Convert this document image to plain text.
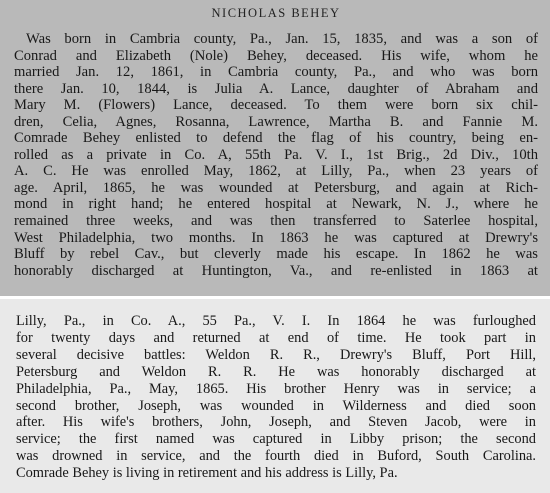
NICHOLAS BEHEY
Was born in Cambria county, Pa., Jan. 15, 1835, and was a son of
Conrad and Elizabeth (Nole) Behey, deceased. His wife, whom he
married Jan. 12, 1861, in Cambria county, Pa., and who was born
there Jan. 10, 1844, is Julia A. Lance, daughter of Abraham and
Mary M. (Flowers) Lance, deceased. To them were born six chil-
dren, Celia, Agnes, Rosanna, Lawrence, Martha B. and Fannie M.
Comrade Behey enlisted to defend the flag of his country, being en-
rolled as a private in Co. A, 55th Pa. V. I., 1st Brig., 2d Div., 10th
A. C. He was enrolled May, 1862, at Lilly, Pa., when 23 years of
age. April, 1865, he was wounded at Petersburg, and again at Rich-
mond in right hand; he entered hospital at Newark, N. J., where he
remained three weeks, and was then transferred to Saterlee hospital,
West Philadelphia, two months. In 1863 he was captured at Drewry's
Bluff by rebel Cav., but cleverly made his escape. In 1862 he was
honorably discharged at Huntington, Va., and re-enlisted in 1863 at
Lilly, Pa., in Co. A., 55 Pa., V. I. In 1864 he was furloughed
for twenty days and returned at end of time. He took part in
several decisive battles: Weldon R. R., Drewry's Bluff, Port Hill,
Petersburg and Weldon R. R. He was honorably discharged at
Philadelphia, Pa., May, 1865. His brother Henry was in service; a
second brother, Joseph, was wounded in Wilderness and died soon
after. His wife's brothers, John, Joseph, and Steven Jacob, were in
service; the first named was captured in Libby prison; the second
was drowned in service, and the fourth died in Buford, South Carolina.
Comrade Behey is living in retirement and his address is Lilly, Pa.
